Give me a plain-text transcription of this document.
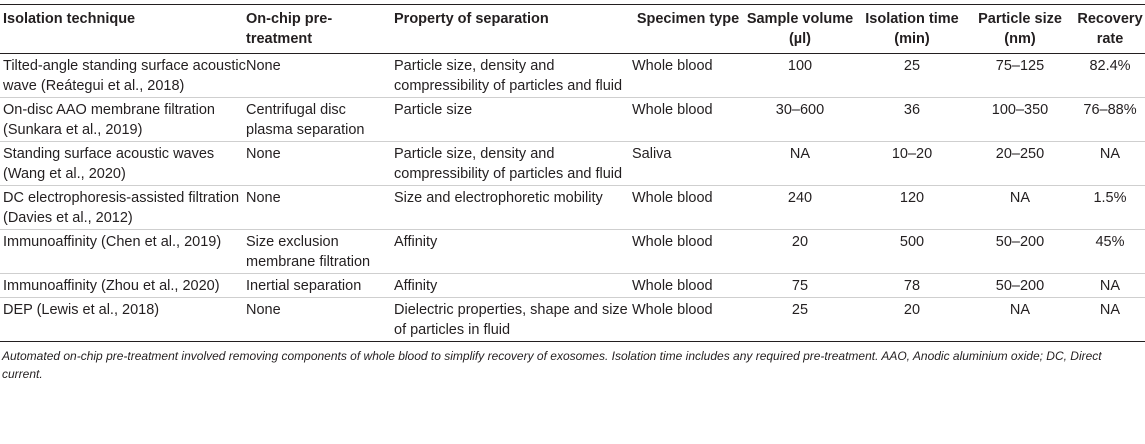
Isolation technique	On-chip pre-treatment	Property of separation	Specimen type	Sample volume (µl)	Isolation time (min)	Particle size (nm)	Recovery rate
Tilted-angle standing surface acoustic wave (Reátegui et al., 2018)	None	Particle size, density and compressibility of particles and fluid	Whole blood	100	25	75–125	82.4%
On-disc AAO membrane filtration (Sunkara et al., 2019)	Centrifugal disc plasma separation	Particle size	Whole blood	30–600	36	100–350	76–88%
Standing surface acoustic waves (Wang et al., 2020)	None	Particle size, density and compressibility of particles and fluid	Saliva	NA	10–20	20–250	NA
DC electrophoresis-assisted filtration (Davies et al., 2012)	None	Size and electrophoretic mobility	Whole blood	240	120	NA	1.5%
Immunoaffinity (Chen et al., 2019)	Size exclusion membrane filtration	Affinity	Whole blood	20	500	50–200	45%
Immunoaffinity (Zhou et al., 2020)	Inertial separation	Affinity	Whole blood	75	78	50–200	NA
DEP (Lewis et al., 2018)	None	Dielectric properties, shape and size of particles in fluid	Whole blood	25	20	NA	NA
Automated on-chip pre-treatment involved removing components of whole blood to simplify recovery of exosomes. Isolation time includes any required pre-treatment. AAO, Anodic aluminium oxide; DC, Direct current.
